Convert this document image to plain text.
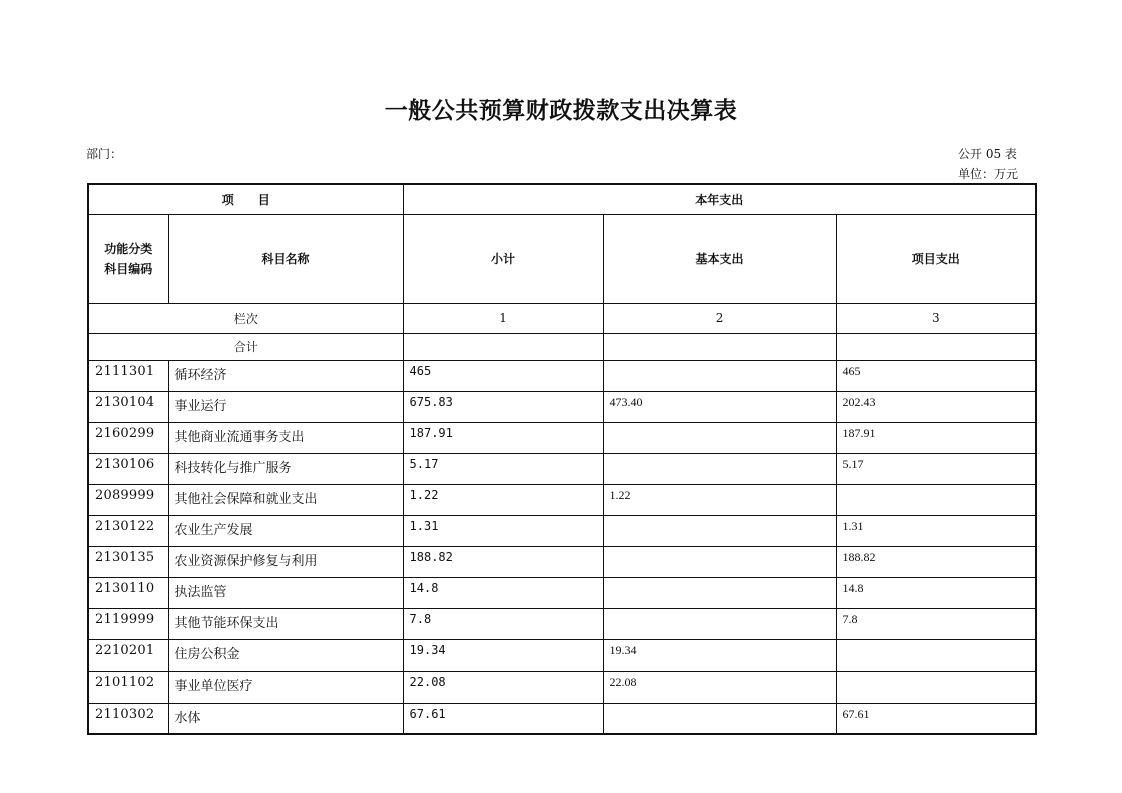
一般公共预算财政拨款支出决算表
部门：	公开 05 表
单位：万元
项　　目		本年支出		

功能分类
科目编码	科目名称	小计	基本支出	项目支出
栏次		1	2	3
合计				
2111301	循环经济	465		465
2130104	事业运行	675.83	473.40	202.43
2160299	其他商业流通事务支出	187.91		187.91
2130106	科技转化与推广服务	5.17		5.17
2089999	其他社会保障和就业支出	1.22	1.22	
2130122	农业生产发展	1.31		1.31
2130135	农业资源保护修复与利用	188.82		188.82
2130110	执法监管	14.8		14.8
2119999	其他节能环保支出	7.8		7.8
2210201	住房公积金	19.34	19.34	
2101102	事业单位医疗	22.08	22.08	
2110302	水体	67.61		67.61
